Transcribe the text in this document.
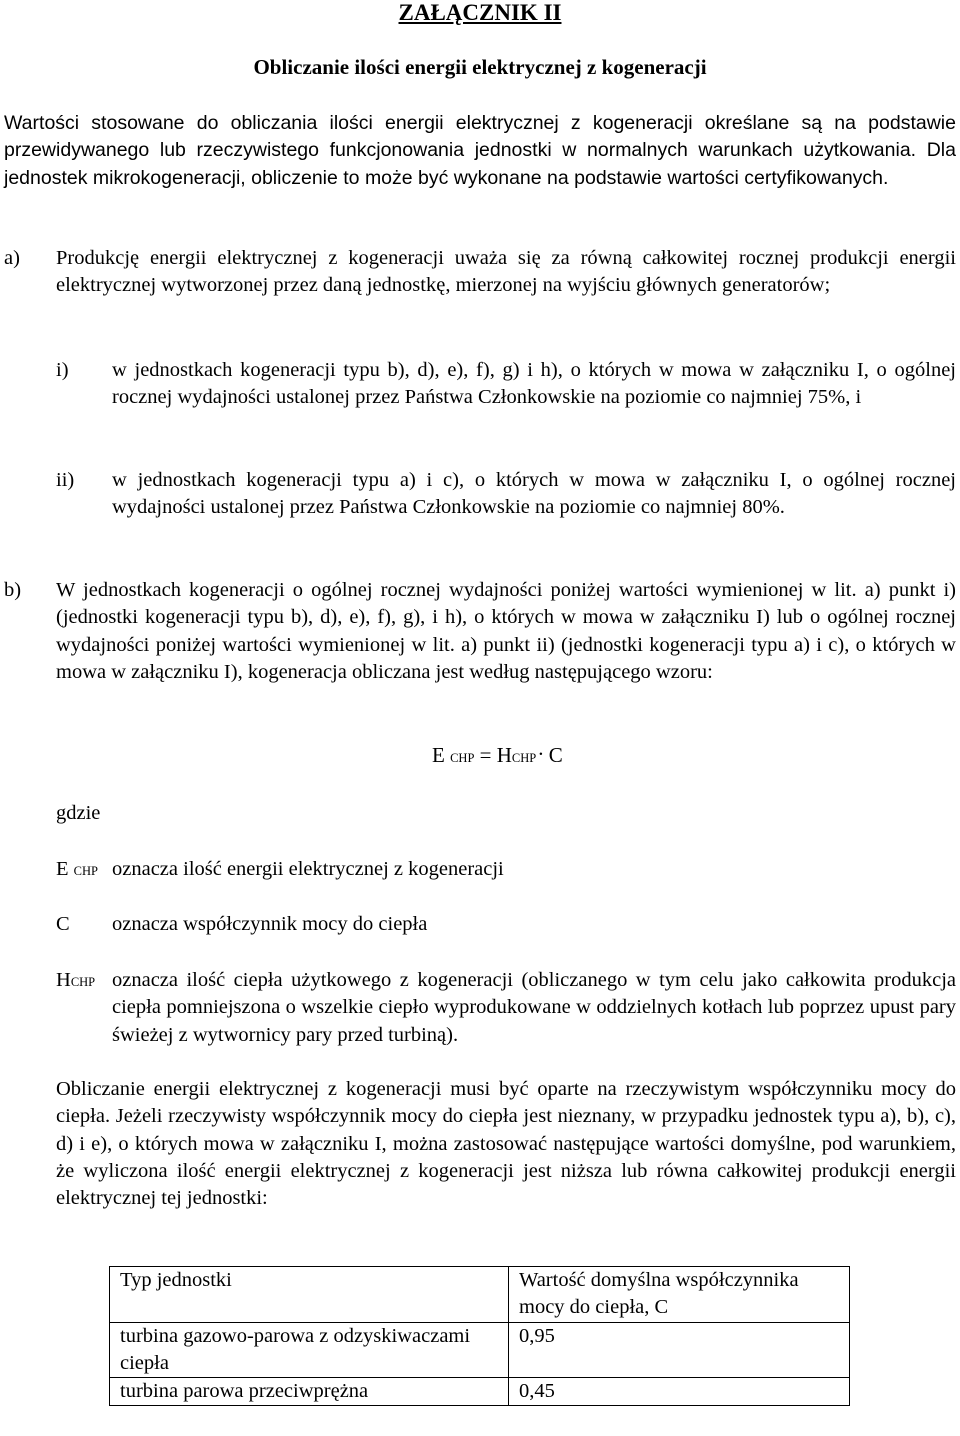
ZAŁĄCZNIK II
Obliczanie ilości energii elektrycznej z kogeneracji
Wartości stosowane do obliczania ilości energii elektrycznej z kogeneracji określane są na podstawie przewidywanego lub rzeczywistego funkcjonowania jednostki w normalnych warunkach użytkowania. Dla jednostek mikrokogeneracji, obliczenie to może być wykonane na podstawie wartości certyfikowanych.
a) Produkcję energii elektrycznej z kogeneracji uważa się za równą całkowitej rocznej produkcji energii elektrycznej wytworzonej przez daną jednostkę, mierzonej na wyjściu głównych generatorów;
i) w jednostkach kogeneracji typu b), d), e), f), g) i h), o których w mowa w załączniku I, o ogólnej rocznej wydajności ustalonej przez Państwa Członkowskie na poziomie co najmniej 75%, i
ii) w jednostkach kogeneracji typu a) i c), o których w mowa w załączniku I, o ogólnej rocznej wydajności ustalonej przez Państwa Członkowskie na poziomie co najmniej 80%.
b) W jednostkach kogeneracji o ogólnej rocznej wydajności poniżej wartości wymienionej w lit. a) punkt i) (jednostki kogeneracji typu b), d), e), f), g), i h), o których w mowa w załączniku I) lub o ogólnej rocznej wydajności poniżej wartości wymienionej w lit. a) punkt ii) (jednostki kogeneracji typu a) i c), o których w mowa w załączniku I), kogeneracja obliczana jest według następującego wzoru:
E CHP = HCHP. C
gdzie
E CHP oznacza ilość energii elektrycznej z kogeneracji
C oznacza współczynnik mocy do ciepła
HCHP oznacza ilość ciepła użytkowego z kogeneracji (obliczanego w tym celu jako całkowita produkcja ciepła pomniejszona o wszelkie ciepło wyprodukowane w oddzielnych kotłach lub poprzez upust pary świeżej z wytwornicy pary przed turbiną).
Obliczanie energii elektrycznej z kogeneracji musi być oparte na rzeczywistym współczynniku mocy do ciepła. Jeżeli rzeczywisty współczynnik mocy do ciepła jest nieznany, w przypadku jednostek typu a), b), c), d) i e), o których mowa w załączniku I, można zastosować następujące wartości domyślne, pod warunkiem, że wyliczona ilość energii elektrycznej z kogeneracji jest niższa lub równa całkowitej produkcji energii elektrycznej tej jednostki:
Typ jednostki	Wartość domyślna współczynnika mocy do ciepła, C
turbina gazowo-parowa z odzyskiwaczami ciepła	0,95
turbina parowa przeciwprężna	0,45
